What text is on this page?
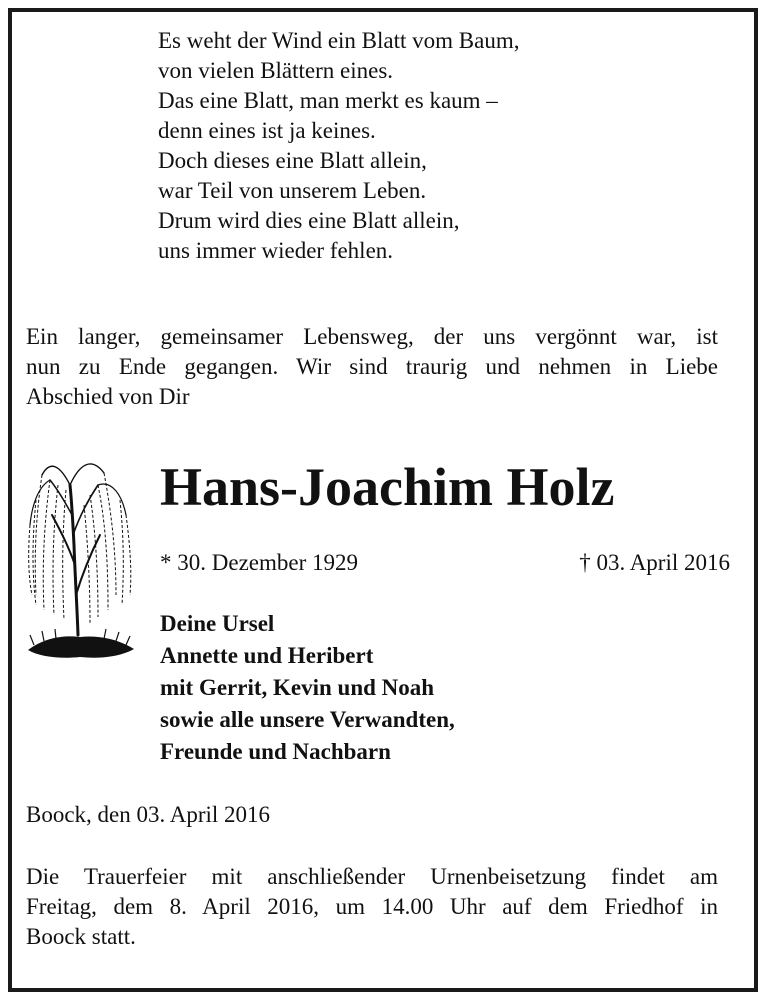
Es weht der Wind ein Blatt vom Baum,
von vielen Blättern eines.
Das eine Blatt, man merkt es kaum –
denn eines ist ja keines.
Doch dieses eine Blatt allein,
war Teil von unserem Leben.
Drum wird dies eine Blatt allein,
uns immer wieder fehlen.
Ein langer, gemeinsamer Lebensweg, der uns vergönnt war, ist
nun zu Ende gegangen. Wir sind traurig und nehmen in Liebe
Abschied von Dir
Hans-Joachim Holz
* 30. Dezember 1929	† 03. April 2016
Deine Ursel
Annette und Heribert
mit Gerrit, Kevin und Noah
sowie alle unsere Verwandten,
Freunde und Nachbarn
Boock, den 03. April 2016
Die Trauerfeier mit anschließender Urnenbeisetzung findet am
Freitag, dem 8. April 2016, um 14.00 Uhr auf dem Friedhof in
Boock statt.
